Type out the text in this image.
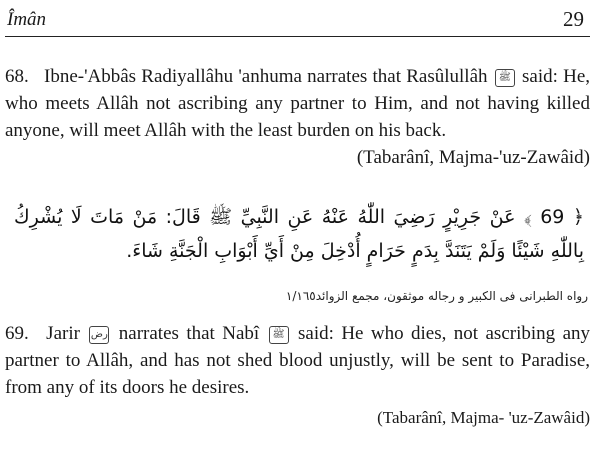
Îmân	29
68. Ibne-'Abbâs Radiyallâhu 'anhuma narrates that Rasûlullâh ﷺ said: He, who meets Allâh not ascribing any partner to Him, and not having killed anyone, will meet Allâh with the least burden on his back.
(Tabarânî, Majma-'uz-Zawâid)
﴿ 69 ﴾ عَنْ جَرِيْرٍ رَضِيَ اللّٰهُ عَنْهُ عَنِ النَّبِيِّ ﷺ قَالَ: مَنْ مَاتَ لَا يُشْرِكُ بِاللّٰهِ شَيْئًا وَلَمْ يَتَنَدَّ بِدَمٍ حَرَامٍ أُدْخِلَ مِنْ أَيِّ أَبْوَابِ الْجَنَّةِ شَاءَ.
رواه الطبرانى فى الكبير و رجاله موثقون، مجمع الزوائد١/١٦٥
69. Jarir رض narrates that Nabî ﷺ said: He who dies, not ascribing any partner to Allâh, and has not shed blood unjustly, will be sent to Paradise, from any of its doors he desires.
(Tabarânî, Majma- 'uz-Zawâid)
